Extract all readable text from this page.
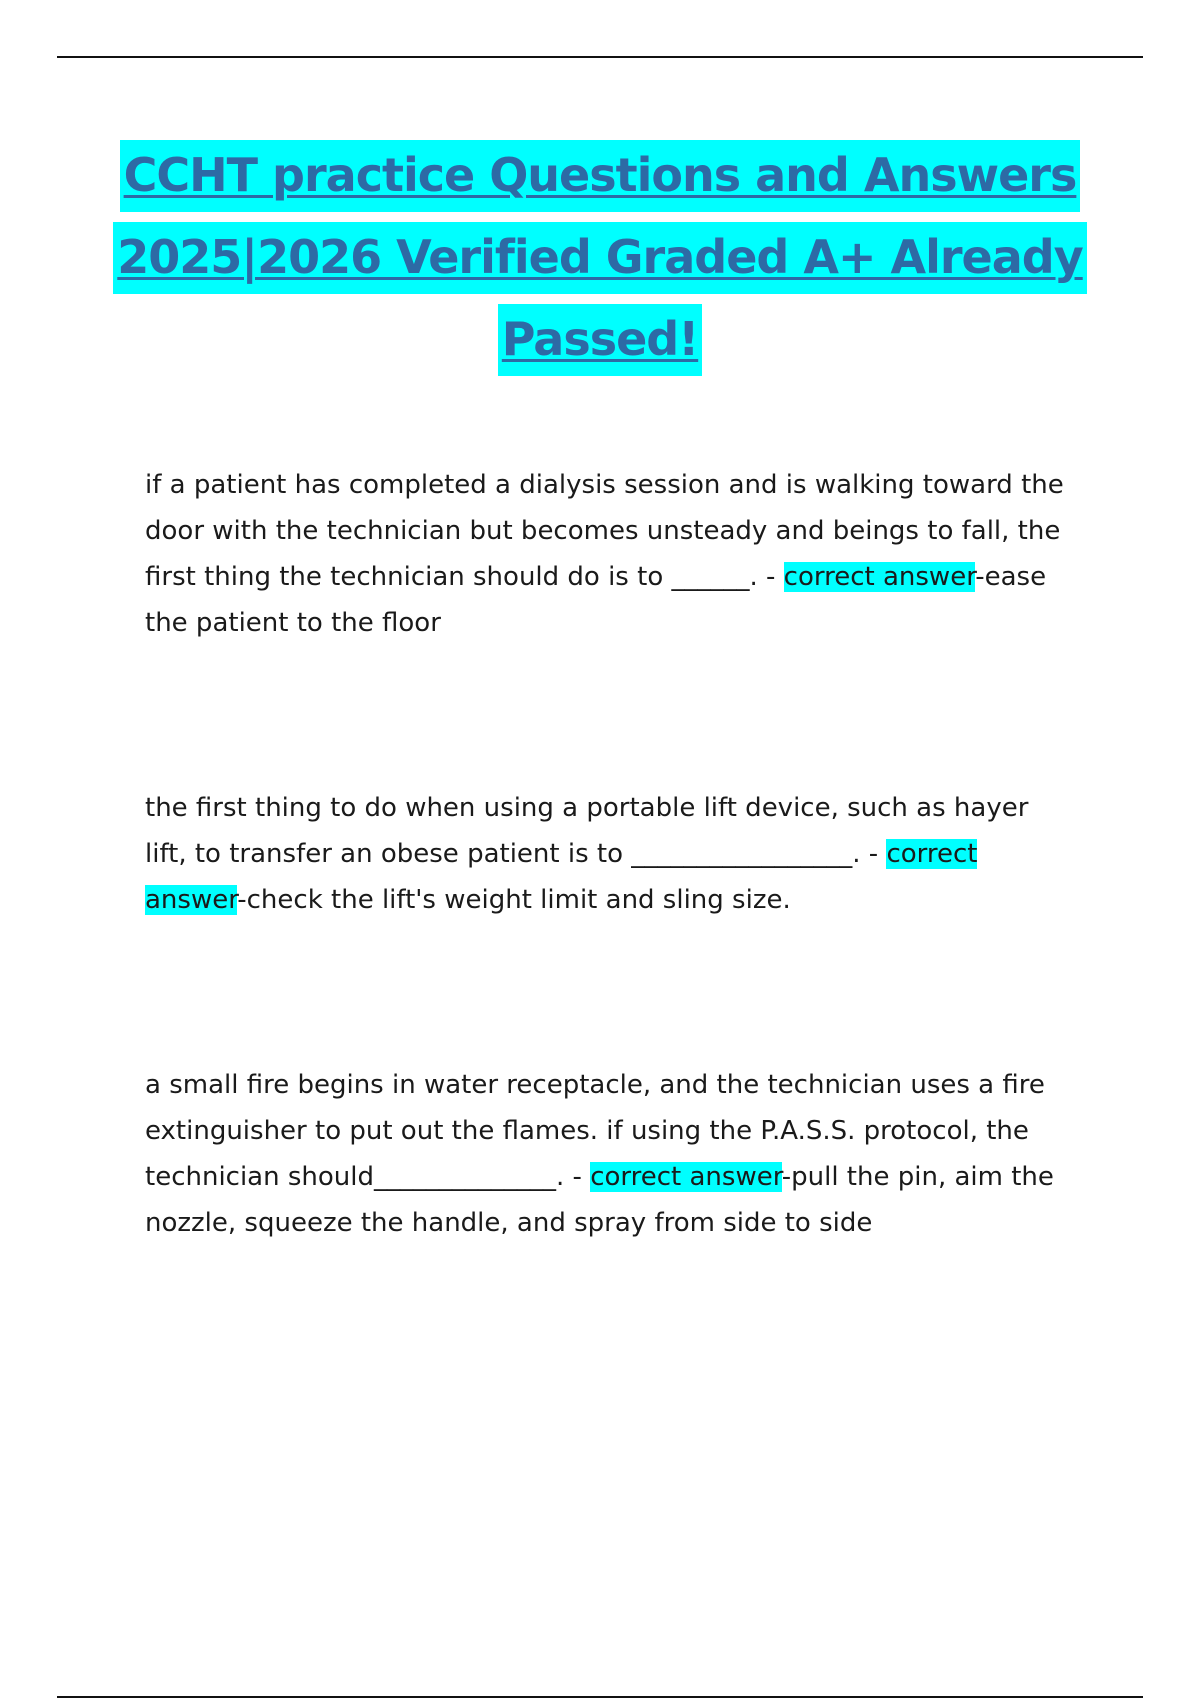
CCHT practice Questions and Answers
2025|2026 Verified Graded A+ Already
Passed!

if a patient has completed a dialysis session and is walking toward the door with the technician but becomes unsteady and beings to fall, the first thing the technician should do is to ______. - correct answer-ease the patient to the floor

the first thing to do when using a portable lift device, such as hayer lift, to transfer an obese patient is to _________________. - correct answer-check the lift's weight limit and sling size.

a small fire begins in water receptacle, and the technician uses a fire extinguisher to put out the flames. if using the P.A.S.S. protocol, the technician should______________. - correct answer-pull the pin, aim the nozzle, squeeze the handle, and spray from side to side
